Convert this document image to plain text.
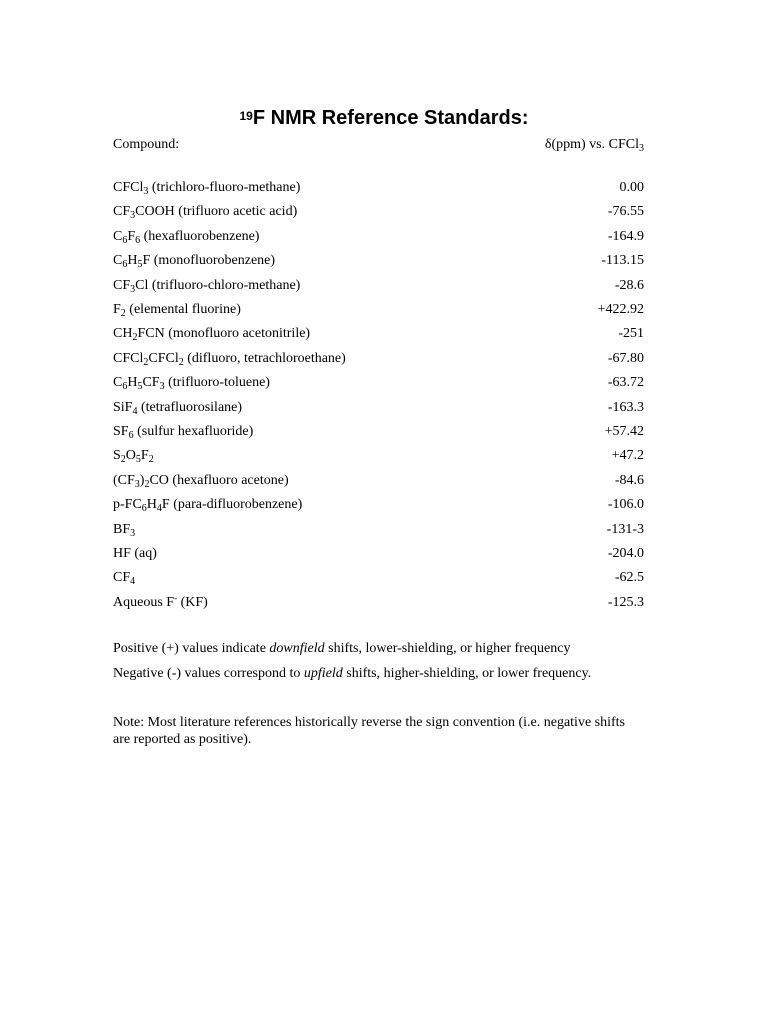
$^{19}$F NMR Reference Standards:
Compound:	δ(ppm) vs. CFCl$_3$
CFCl$_3$ (trichloro-fluoro-methane)	0.00
$CF_3COOH$ (trifluoro acetic acid)	-76.55
$C_6F_6$ (hexafluorobenzene)	-164.9
$C_6H_5F$ (monofluorobenzene)	-113.15
$CF_3Cl$ (trifluoro-chloro-methane)	-28.6
$F_2$ (elemental fluorine)	+422.92
$CH_2FCN$ (monofluoro acetonitrile)	-251
CFCl$_2$CFCl$_2$ (difluoro, tetrachloroethane)	-67.80
$C_6H_5CF_3$ (trifluoro-toluene)	-63.72
SiF$_4$ (tetrafluorosilane)	-163.3
$SF_6$ (sulfur hexafluoride)	+57.42
$S_2O_5F_2$	+47.2
$(CF_3)_2CO$ (hexafluoro acetone)	-84.6
$p-FC_6H_4F$ (para-difluorobenzene)	-106.0
$BF_3$	-131-3
HF (aq)	-204.0
$CF_4$	-62.5
Aqueous F- (KF)	-125.3
Positive (+) values indicate downfield shifts, lower-shielding, or higher frequency
Negative (-) values correspond to upfield shifts, higher-shielding, or lower frequency.
Note: Most literature references historically reverse the sign convention (i.e. negative shifts are reported as positive).
